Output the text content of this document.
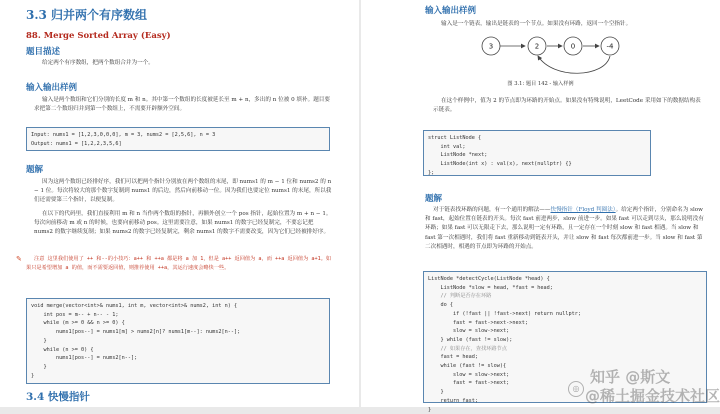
3.3 归并两个有序数组
88. Merge Sorted Array (Easy)
题目描述

给定两个有序数组，把两个数组合并为一个。

输入输出样例

输入是两个数组和它们分别的长度 m 和 n。其中第一个数组的长度被延长至 m + n，多出的 n 位被 0 填补。题目要求把第二个数组归并到第一个数组上，不需要开辟额外空间。

Input: nums1 = [1,2,3,0,0,0], m = 3, nums2 = [2,5,6], n = 3
Output: nums1 = [1,2,2,3,5,6]
题解

因为这两个数组已经排好序，我们可以把两个指针分别放在两个数组的末尾，即 nums1 的 m − 1 位和 nums2 的 n − 1 位。每次将较大的那个数字复制到 nums1 的后边，然后向前移动一位。因为我们也要定位 nums1 的末尾，所以我们还需要第三个指针，以便复制。

在以下的代码里，我们直接利用 m 和 n 当作两个数组的指针，再额外创立一个 pos 指针，起始位置为 m + n − 1。每次向前移动 m 或 n 的时候，也要向前移动 pos。这里需要注意，如果 nums1 的数字已经复制完，不要忘记把 nums2 的数字继续复制；如果 nums2 的数字已经复制完，剩余 nums1 的数字不需要改变，因为它们已经被排好序。

✎	注意 这里我们使用了 ++ 和--的小技巧：a++ 和 ++a 都是将 a 加 1，但是 a++ 返回值为 a，而 ++a 返回值为 a+1。如果只是希望增加 a 的值，而不需要返回值，则推荐使用 ++a，其运行速度会略快一些。

void merge(vector<int>& nums1, int m, vector<int>& nums2, int n) {
int pos = m-- + n-- - 1;
while (m >= 0 && n >= 0) {
nums1[pos--] = nums1[m] > nums2[n]? nums1[m--]: nums2[n--];
}
while (n >= 0) {
nums1[pos--] = nums2[n--];
}
}
3.4 快慢指针
输入输出样例

输入是一个链表，输出是链表的一个节点。如果没有环路，返回一个空指针。

3	2	0	-4
图 3.1: 题目 142 - 输入样例

在这个样例中，值为 2 的节点即为环路的开始点。如果没有特殊说明，LeetCode 采用如下的数据结构表示链表。

struct ListNode {
int val;
ListNode *next;
ListNode(int x) : val(x), next(nullptr) {}
};
题解

对于链表找环路的问题，有一个通用的解法——快慢指针（Floyd 判圈法）。给定两个指针，分别命名为 slow 和 fast，起始位置在链表的开头。每次 fast 前进两步，slow 前进一步。如果 fast 可以走到尽头，那么说明没有环路；如果 fast 可以无限走下去，那么说明一定有环路，且一定存在一个时刻 slow 和 fast 相遇。当 slow 和 fast 第一次相遇时，我们将 fast 重新移动到链表开头，并让 slow 和 fast 每次都前进一步。当 slow 和 fast 第二次相遇时，相遇的节点即为环路的开始点。

ListNode *detectCycle(ListNode *head) {
ListNode *slow = head, *fast = head;
// 判断是否存在环路
do {
if (!fast || !fast->next) return nullptr;
fast = fast->next->next;
slow = slow->next;
} while (fast != slow);
// 如果存在，查找环路节点
fast = head;
while (fast != slow){
slow = slow->next;
fast = fast->next;
}
return fast;
}
知乎 @斯文
◎ @稀土掘金技术社区
